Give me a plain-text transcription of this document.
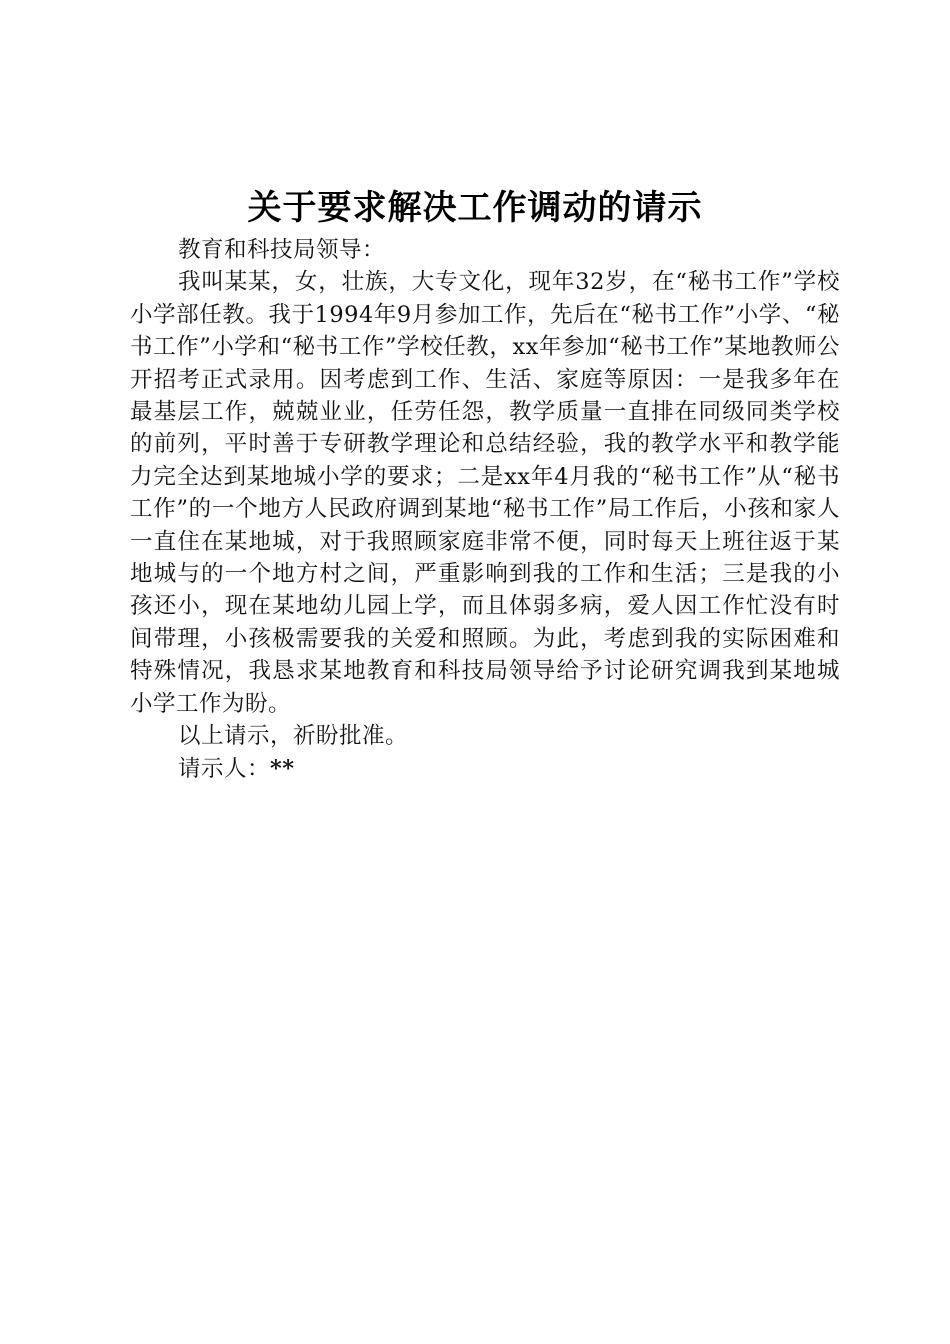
关于要求解决工作调动的请示

教育和科技局领导：

我叫某某，女，壮族，大专文化，现年32岁，在“秘书工作”学校小学部任教。我于1994年9月参加工作，先后在“秘书工作”小学、“秘书工作”小学和“秘书工作”学校任教，xx年参加“秘书工作”某地教师公开招考正式录用。因考虑到工作、生活、家庭等原因：一是我多年在最基层工作，兢兢业业，任劳任怨，教学质量一直排在同级同类学校的前列，平时善于专研教学理论和总结经验，我的教学水平和教学能力完全达到某地城小学的要求；二是xx年4月我的“秘书工作”从“秘书工作”的一个地方人民政府调到某地“秘书工作”局工作后，小孩和家人一直住在某地城，对于我照顾家庭非常不便，同时每天上班往返于某地城与的一个地方村之间，严重影响到我的工作和生活；三是我的小孩还小，现在某地幼儿园上学，而且体弱多病，爱人因工作忙没有时间带理，小孩极需要我的关爱和照顾。为此，考虑到我的实际困难和特殊情况，我恳求某地教育和科技局领导给予讨论研究调我到某地城小学工作为盼。

以上请示，祈盼批准。

请示人：**
